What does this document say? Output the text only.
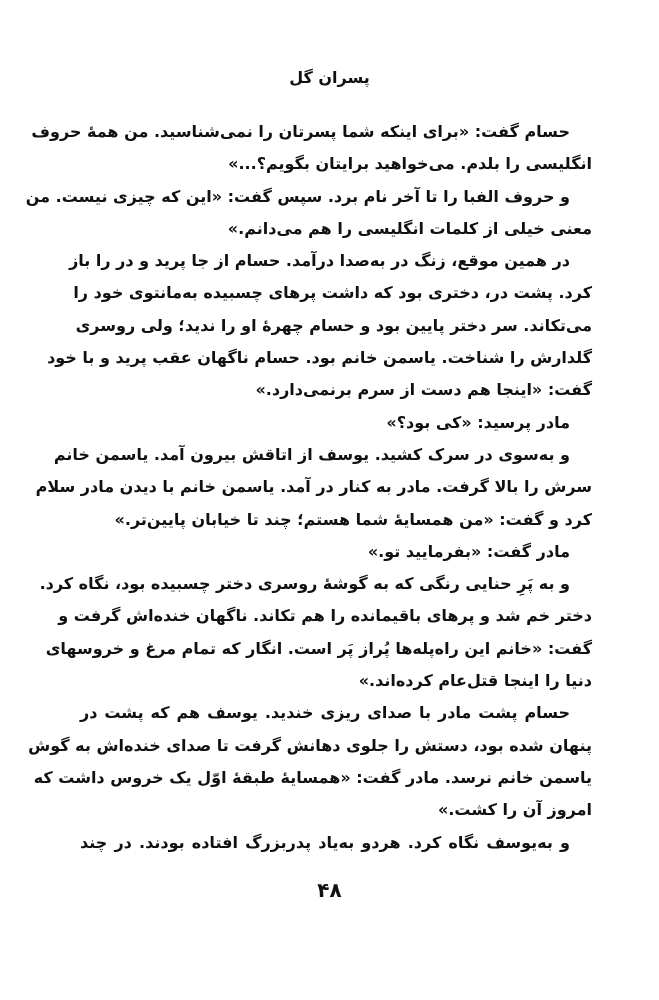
پسران گل
حسام گفت: «برای اینکه شما پسرتان را نمی‌شناسید. من همهٔ حروف
انگلیسی را بلدم. می‌خواهید برایتان بگویم؟...»
و حروف الفبا را تا آخر نام برد. سپس گفت: «این که چیزی نیست. من
معنی خیلی از کلمات انگلیسی را هم می‌دانم.»
در همین موقع، زنگ در به‌صدا درآمد. حسام از جا پرید و در را باز
کرد. پشت در، دختری بود که داشت پرهای چسبیده به‌مانتوی خود را
می‌تکاند. سر دختر پایین بود و حسام چهرهٔ او را ندید؛ ولی روسری
گلدارش را شناخت. یاسمن خانم بود. حسام ناگهان عقب پرید و با خود
گفت: «اینجا هم دست از سرم برنمی‌دارد.»
مادر پرسید: «کی بود؟»
و به‌سوی در سرک کشید. یوسف از اتاقش بیرون آمد. یاسمن خانم
سرش را بالا گرفت. مادر به کنار در آمد. یاسمن خانم با دیدن مادر سلام
کرد و گفت: «من همسایهٔ شما هستم؛ چند تا خیابان پایین‌تر.»
مادر گفت: «بفرمایید تو.»
و به پَرِ حنایی رنگی که به گوشهٔ روسری دختر چسبیده بود، نگاه کرد.
دختر خم شد و پرهای باقیمانده را هم تکاند. ناگهان خنده‌اش گرفت و
گفت: «خانم این راه‌پله‌ها پُراز پَر است. انگار که تمام مرغ و خروسهای
دنیا را اینجا قتل‌عام کرده‌اند.»
حسام پشت مادر با صدای ریزی خندید. یوسف هم که پشت در
پنهان شده بود، دستش را جلوی دهانش گرفت تا صدای خنده‌اش به گوش
یاسمن خانم نرسد. مادر گفت: «همسایهٔ طبقهٔ اوّل یک خروس داشت که
امروز آن را کشت.»
و به‌یوسف نگاه کرد. هردو به‌یاد پدربزرگ افتاده بودند. در چند
۴۸
